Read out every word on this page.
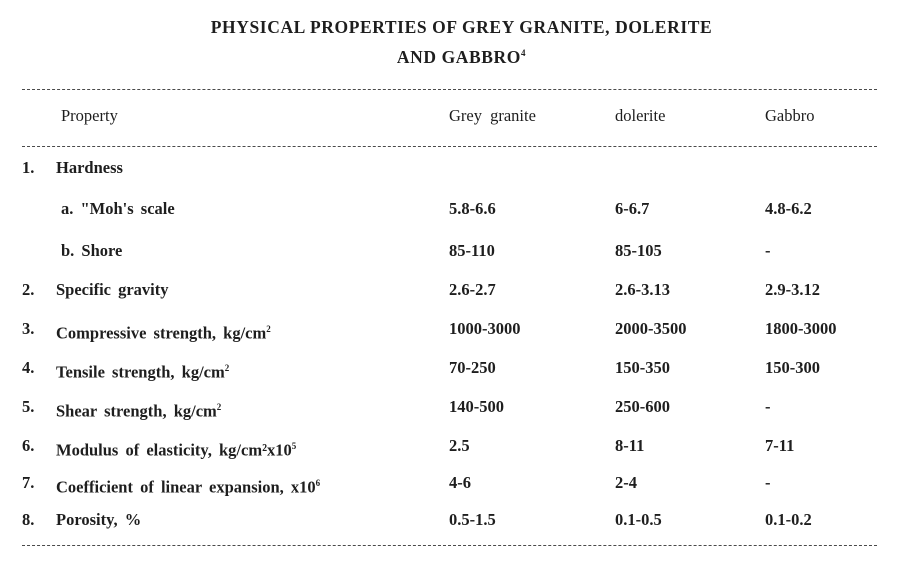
PHYSICAL PROPERTIES OF GREY GRANITE, DOLERITE
AND GABBRO$^4$
Property	Grey granite	dolerite	Gabbro
1. Hardness
a. "Moh's scale	5.8-6.6	6-6.7	4.8-6.2
b. Shore	85-110	85-105	-
2. Specific gravity	2.6-2.7	2.6-3.13	2.9-3.12
3. Compressive strength, $kg/cm^2$	1000-3000	2000-3500	1800-3000
4. Tensile strength, $kg/cm^2$	70-250	150-350	150-300
5. Shear strength, $kg/cm^2$	140-500	250-600	-
6. Modulus of elasticity, $kg/cm^2x10^5$	2.5	8-11	7-11
7. Coefficient of linear expansion, $x10^6$	4-6	2-4	-
8. Porosity, %	0.5-1.5	0.1-0.5	0.1-0.2
